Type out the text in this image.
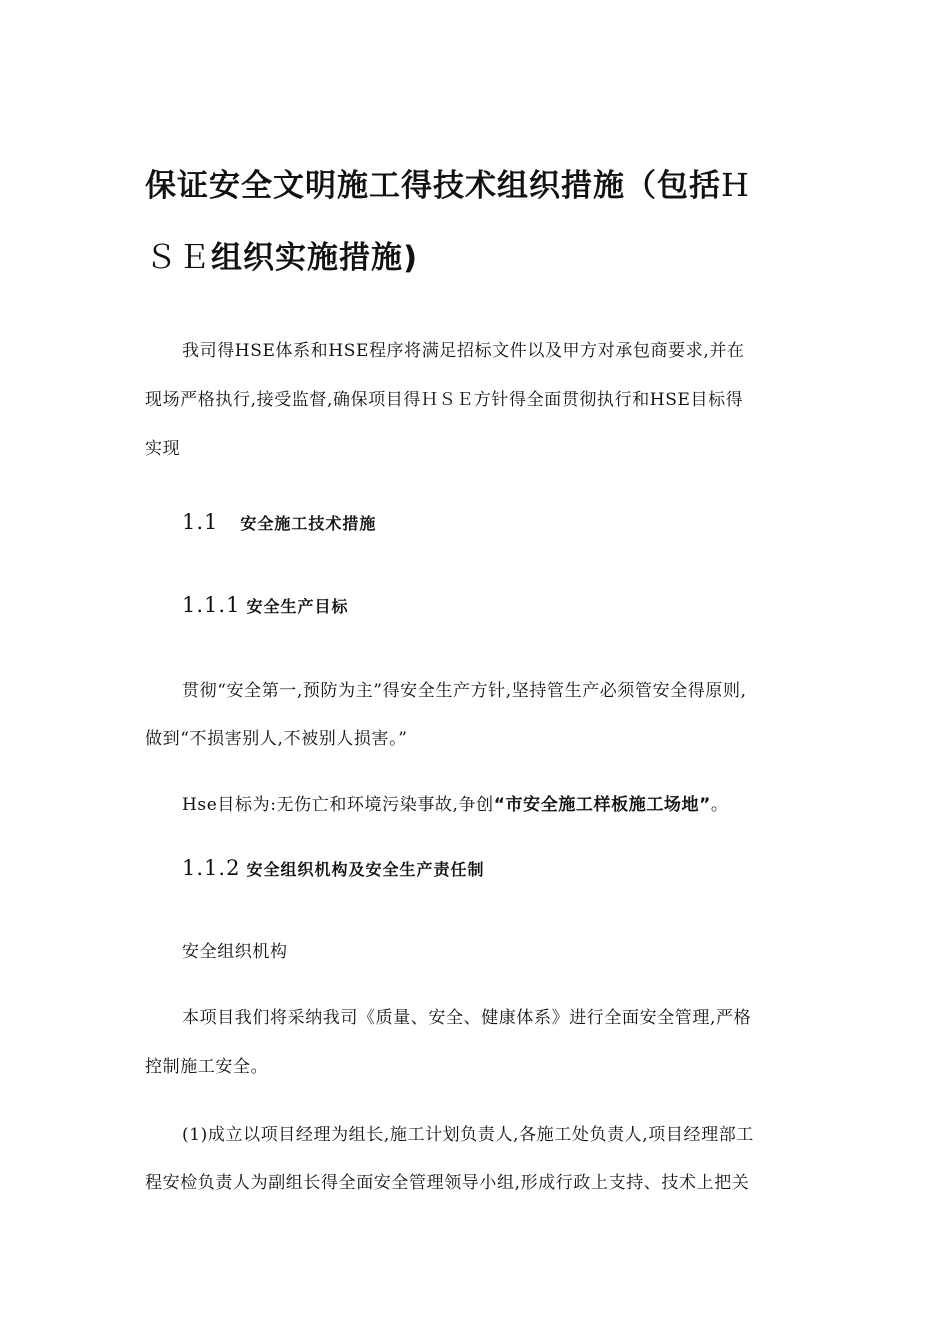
保证安全文明施工得技术组织措施（包括H
ＳＥ组织实施措施)
我司得HSE体系和HSE程序将满足招标文件以及甲方对承包商要求,并在
现场严格执行,接受监督,确保项目得ＨＳＥ方针得全面贯彻执行和HSE目标得
实现
1.1 安全施工技术措施
1.1.1 安全生产目标
贯彻“安全第一,预防为主”得安全生产方针,坚持管生产必须管安全得原则,
做到“不损害别人,不被别人损害。”
Hse目标为:无伤亡和环境污染事故,争创“市安全施工样板施工场地”。
1.1.2 安全组织机构及安全生产责任制
安全组织机构
本项目我们将采纳我司《质量、安全、健康体系》进行全面安全管理,严格
控制施工安全。
(1)成立以项目经理为组长,施工计划负责人,各施工处负责人,项目经理部工
程安检负责人为副组长得全面安全管理领导小组,形成行政上支持、技术上把关
